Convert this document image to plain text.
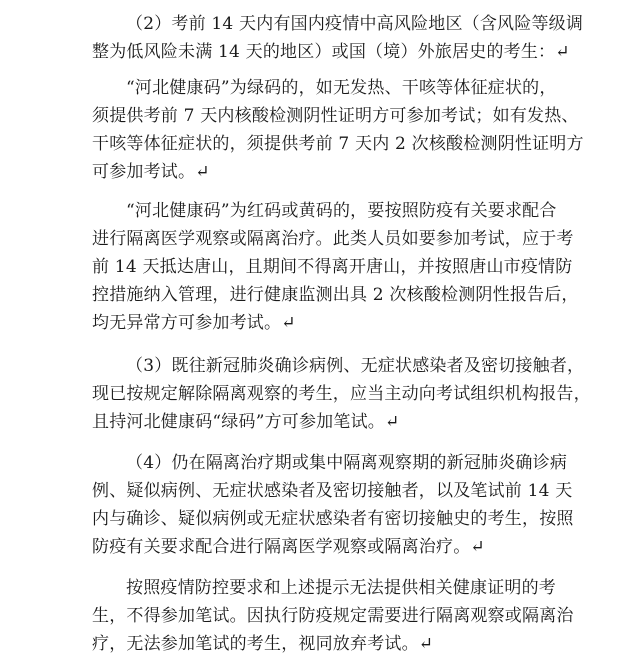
（2）考前 14 天内有国内疫情中高风险地区（含风险等级调
整为低风险未满 14 天的地区）或国（境）外旅居史的考生：↵
“河北健康码”为绿码的，如无发热、干咳等体征症状的，
须提供考前 7 天内核酸检测阴性证明方可参加考试；如有发热、
干咳等体征症状的，须提供考前 7 天内 2 次核酸检测阴性证明方
可参加考试。↵
“河北健康码”为红码或黄码的，要按照防疫有关要求配合
进行隔离医学观察或隔离治疗。此类人员如要参加考试，应于考
前 14 天抵达唐山，且期间不得离开唐山，并按照唐山市疫情防
控措施纳入管理，进行健康监测出具 2 次核酸检测阴性报告后，
均无异常方可参加考试。↵
（3）既往新冠肺炎确诊病例、无症状感染者及密切接触者，
现已按规定解除隔离观察的考生，应当主动向考试组织机构报告，
且持河北健康码“绿码”方可参加笔试。↵
（4）仍在隔离治疗期或集中隔离观察期的新冠肺炎确诊病
例、疑似病例、无症状感染者及密切接触者，以及笔试前 14 天
内与确诊、疑似病例或无症状感染者有密切接触史的考生，按照
防疫有关要求配合进行隔离医学观察或隔离治疗。↵
按照疫情防控要求和上述提示无法提供相关健康证明的考
生，不得参加笔试。因执行防疫规定需要进行隔离观察或隔离治
疗，无法参加笔试的考生，视同放弃考试。↵
